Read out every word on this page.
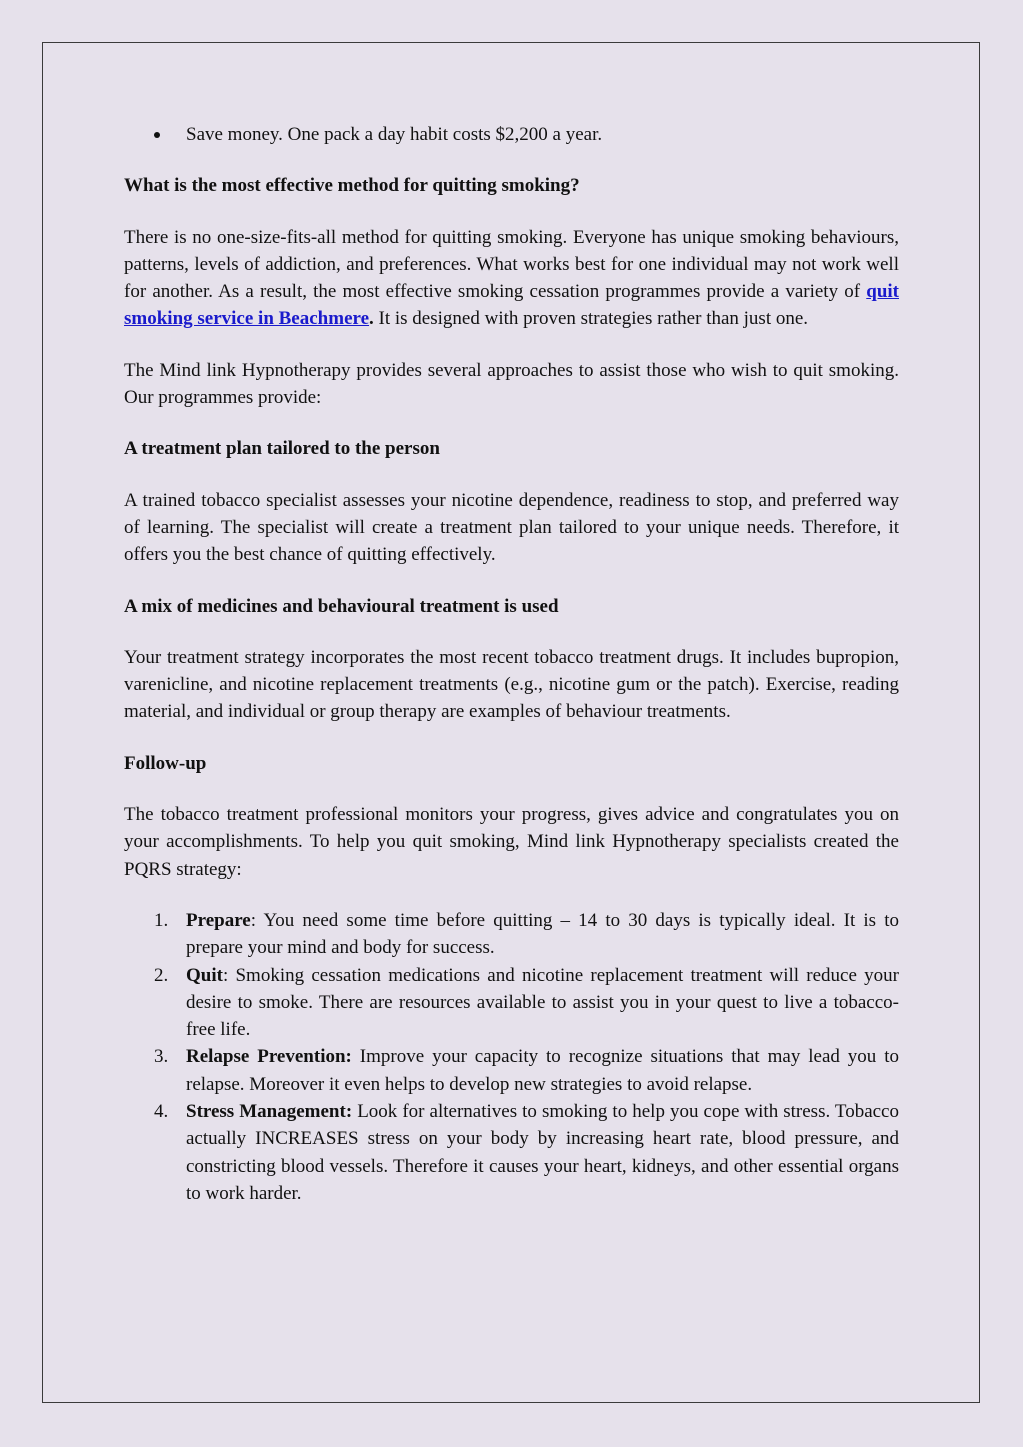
Save money. One pack a day habit costs $2,200 a year.

What is the most effective method for quitting smoking?

There is no one-size-fits-all method for quitting smoking. Everyone has unique smoking behaviours, patterns, levels of addiction, and preferences. What works best for one individual may not work well for another. As a result, the most effective smoking cessation programmes provide a variety of quit smoking service in Beachmere. It is designed with proven strategies rather than just one.

The Mind link Hypnotherapy provides several approaches to assist those who wish to quit smoking. Our programmes provide:

A treatment plan tailored to the person

A trained tobacco specialist assesses your nicotine dependence, readiness to stop, and preferred way of learning. The specialist will create a treatment plan tailored to your unique needs. Therefore, it offers you the best chance of quitting effectively.

A mix of medicines and behavioural treatment is used

Your treatment strategy incorporates the most recent tobacco treatment drugs. It includes bupropion, varenicline, and nicotine replacement treatments (e.g., nicotine gum or the patch). Exercise, reading material, and individual or group therapy are examples of behaviour treatments.

Follow-up

The tobacco treatment professional monitors your progress, gives advice and congratulates you on your accomplishments. To help you quit smoking, Mind link Hypnotherapy specialists created the PQRS strategy:

1. Prepare: You need some time before quitting – 14 to 30 days is typically ideal. It is to prepare your mind and body for success.
2. Quit: Smoking cessation medications and nicotine replacement treatment will reduce your desire to smoke. There are resources available to assist you in your quest to live a tobacco-free life.
3. Relapse Prevention: Improve your capacity to recognize situations that may lead you to relapse. Moreover it even helps to develop new strategies to avoid relapse.
4. Stress Management: Look for alternatives to smoking to help you cope with stress. Tobacco actually INCREASES stress on your body by increasing heart rate, blood pressure, and constricting blood vessels. Therefore it causes your heart, kidneys, and other essential organs to work harder.
